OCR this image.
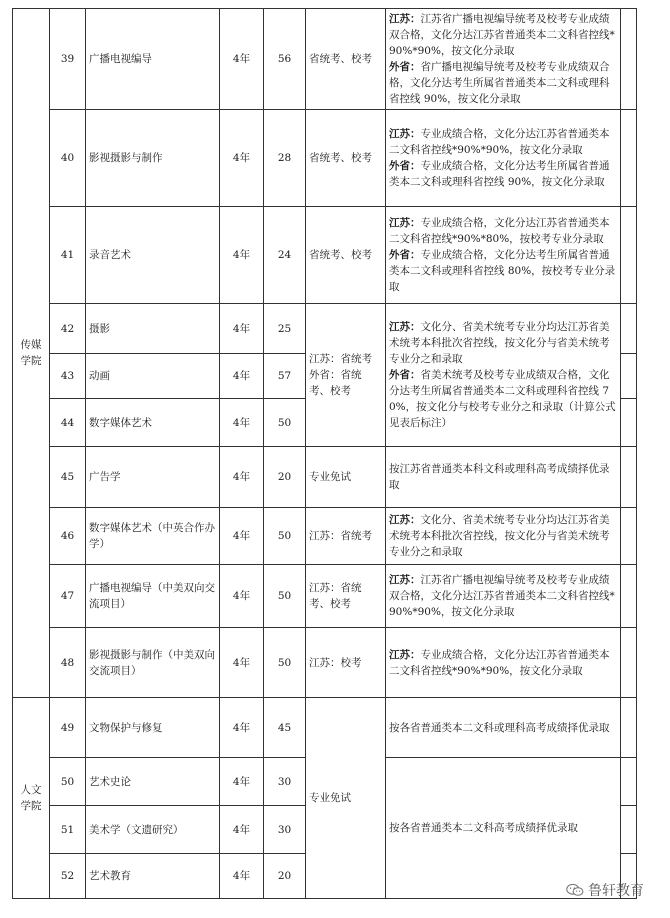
传媒学院	39	广播电视编导	4年	56	省统考、校考	江苏：江苏省广播电视编导统考及校考专业成绩双合格，文化分达江苏省普通类本二文科省控线*90%*90%，按文化分录取
外省：省广播电视编导统考及校考专业成绩双合格，文化分达考生所属省普通类本二文科或理科省控线 90%，按文化分录取	

	40	影视摄影与制作	4年	28	省统考、校考	江苏：专业成绩合格，文化分达江苏省普通类本二文科省控线*90%*90%，按文化分录取
外省：专业成绩合格，文化分达考生所属省普通类本二文科或理科省控线 90%，按文化分录取	

	41	录音艺术	4年	24	省统考、校考	江苏：专业成绩合格，文化分达江苏省普通类本二文科省控线*90%*80%，按校考专业分录取
外省：专业成绩合格，文化分达考生所属省普通类本二文科或理科省控线 80%，按校考专业分录取	

	42	摄影	4年	25	江苏：省统考 外省：省统考、校考	江苏：文化分、省美术统考专业分均达江苏省美术统考本科批次省控线，按文化分与省美术统考专业分之和录取
外省：省美术统考及校考专业成绩双合格，文化分达考生所属省普通类本二文科或理科省控线 70%，按文化分与校考专业分之和录取（计算公式见表后标注）	

	43	动画	4年	57			
	44	数字媒体艺术	4年	50			
	45	广告学	4年	20	专业免试	按江苏省普通类本科文科或理科高考成绩择优录取	

	46	数字媒体艺术（中英合作办学）	4年	50	江苏：省统考	江苏：文化分、省美术统考专业分均达江苏省美术统考本科批次省控线，按文化分与省美术统考专业分之和录取	

	47	广播电视编导（中美双向交流项目）	4年	50	江苏：省统考、校考	江苏：江苏省广播电视编导统考及校考专业成绩双合格，文化分达江苏省普通类本二文科省控线*90%*90%，按文化分录取	

	48	影视摄影与制作（中美双向交流项目）	4年	50	江苏：校考	江苏：专业成绩合格，文化分达江苏省普通类本二文科省控线*90%*90%，按文化分录取	

人文学院	49	文物保护与修复	4年	45	专业免试	按各省普通类本二文科或理科高考成绩择优录取	

	50	艺术史论	4年	30		按各省普通类本二文科高考成绩择优录取	

	51	美术学（文遗研究）	4年	30			
	52	艺术教育	4年	20			
鲁轩教育
